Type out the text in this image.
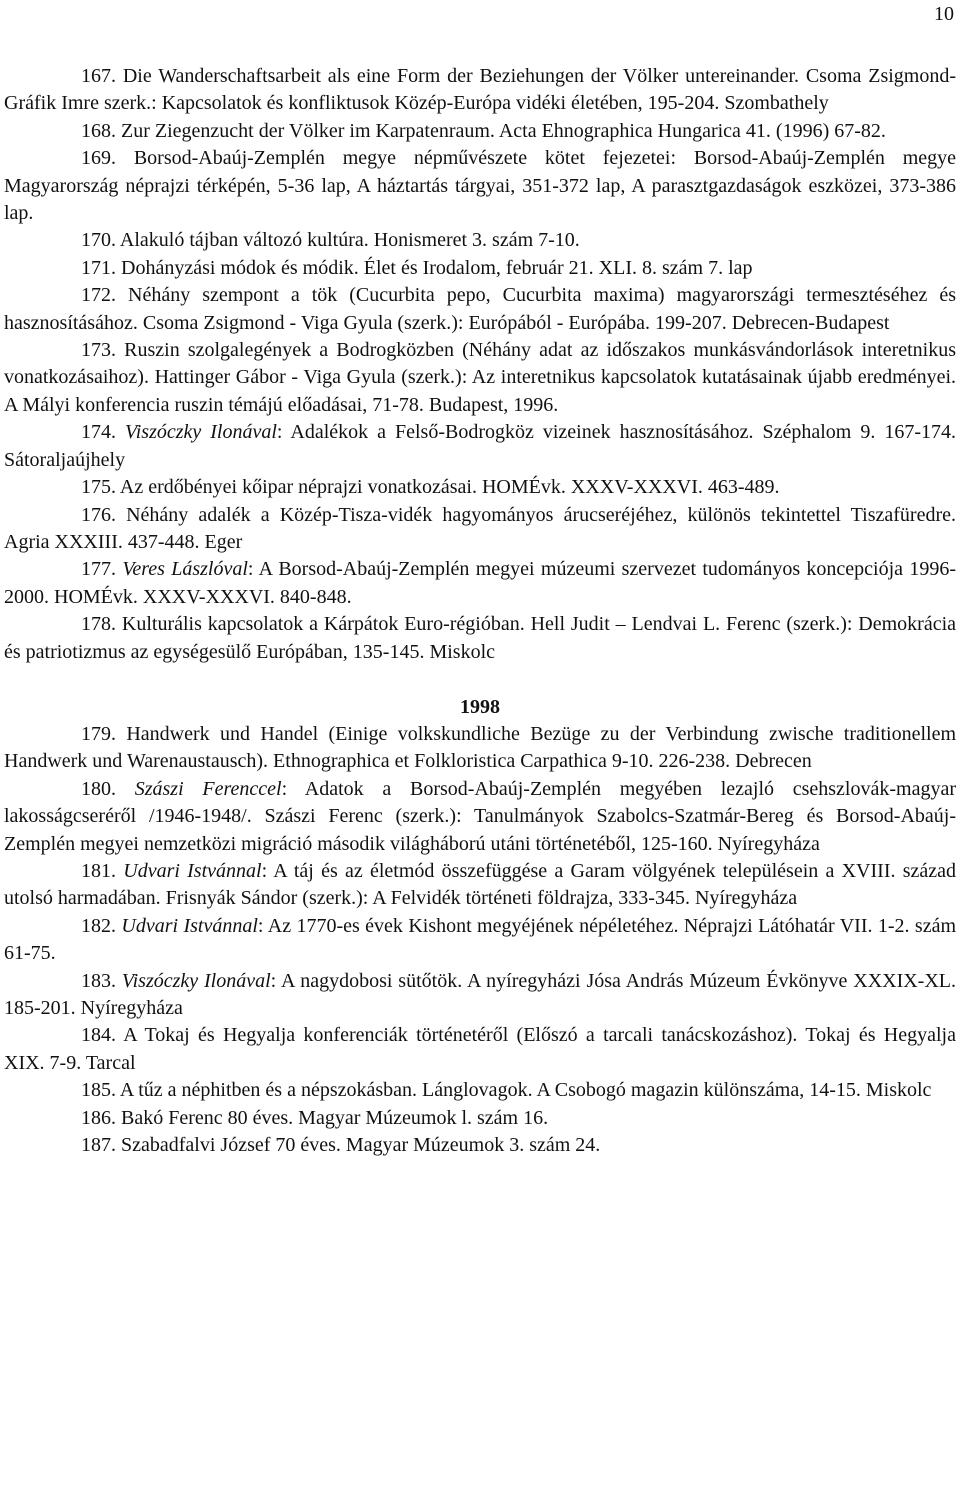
10

167. Die Wanderschaftsarbeit als eine Form der Beziehungen der Völker untereinander. Csoma Zsigmond-Gráfik Imre szerk.: Kapcsolatok és konfliktusok Közép-Európa vidéki életében, 195-204. Szombathely

168. Zur Ziegenzucht der Völker im Karpatenraum. Acta Ehnographica Hungarica 41. (1996) 67-82.

169. Borsod-Abaúj-Zemplén megye népművészete kötet fejezetei: Borsod-Abaúj-Zemplén megye Magyarország néprajzi térképén, 5-36 lap, A háztartás tárgyai, 351-372 lap, A parasztgazdaságok eszközei, 373-386 lap.

170. Alakuló tájban változó kultúra. Honismeret 3. szám 7-10.

171. Dohányzási módok és módik. Élet és Irodalom, február 21. XLI. 8. szám 7. lap

172. Néhány szempont a tök (Cucurbita pepo, Cucurbita maxima) magyarországi termesztéséhez és hasznosításához. Csoma Zsigmond - Viga Gyula (szerk.): Európából - Európába. 199-207. Debrecen-Budapest

173. Ruszin szolgalegények a Bodrogközben (Néhány adat az időszakos munkásvándorlások interetnikus vonatkozásaihoz). Hattinger Gábor - Viga Gyula (szerk.): Az interetnikus kapcsolatok kutatásainak újabb eredményei. A Mályi konferencia ruszin témájú előadásai, 71-78. Budapest, 1996.

174. Viszóczky Ilonával: Adalékok a Felső-Bodrogköz vizeinek hasznosításához. Széphalom 9. 167-174. Sátoraljaújhely

175. Az erdőbényei kőipar néprajzi vonatkozásai. HOMÉvk. XXXV-XXXVI. 463-489.

176. Néhány adalék a Közép-Tisza-vidék hagyományos árucseréjéhez, különös tekintettel Tiszafüredre. Agria XXXIII. 437-448. Eger

177. Veres Lászlóval: A Borsod-Abaúj-Zemplén megyei múzeumi szervezet tudományos koncepciója 1996-2000. HOMÉvk. XXXV-XXXVI. 840-848.

178. Kulturális kapcsolatok a Kárpátok Euro-régióban. Hell Judit – Lendvai L. Ferenc (szerk.): Demokrácia és patriotizmus az egységesülő Európában, 135-145. Miskolc

1998

179. Handwerk und Handel (Einige volkskundliche Bezüge zu der Verbindung zwische traditionellem Handwerk und Warenaustausch). Ethnographica et Folkloristica Carpathica 9-10. 226-238. Debrecen

180. Szászi Ferenccel: Adatok a Borsod-Abaúj-Zemplén megyében lezajló csehszlovák-magyar lakosságcseréről /1946-1948/. Szászi Ferenc (szerk.): Tanulmányok Szabolcs-Szatmár-Bereg és Borsod-Abaúj-Zemplén megyei nemzetközi migráció második világháború utáni történetéből, 125-160. Nyíregyháza

181. Udvari Istvánnal: A táj és az életmód összefüggése a Garam völgyének településein a XVIII. század utolsó harmadában. Frisnyák Sándor (szerk.): A Felvidék történeti földrajza, 333-345. Nyíregyháza

182. Udvari Istvánnal: Az 1770-es évek Kishont megyéjének népéletéhez. Néprajzi Látóhatár VII. 1-2. szám 61-75.

183. Viszóczky Ilonával: A nagydobosi sütőtök. A nyíregyházi Jósa András Múzeum Évkönyve XXXIX-XL. 185-201. Nyíregyháza

184. A Tokaj és Hegyalja konferenciák történetéről (Előszó a tarcali tanácskozáshoz). Tokaj és Hegyalja XIX. 7-9. Tarcal

185. A tűz a néphitben és a népszokásban. Lánglovagok. A Csobogó magazin különszáma, 14-15. Miskolc

186. Bakó Ferenc 80 éves. Magyar Múzeumok l. szám 16.

187. Szabadfalvi József 70 éves. Magyar Múzeumok 3. szám 24.
